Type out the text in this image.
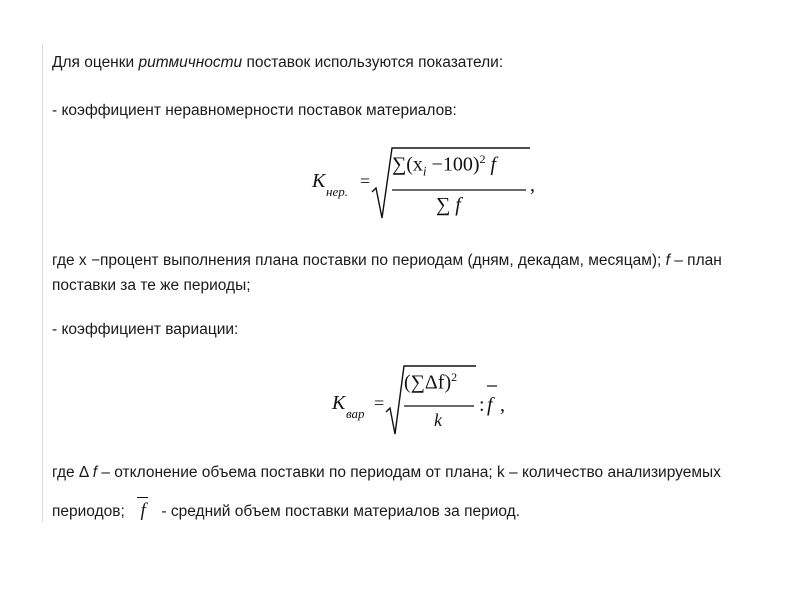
Для оценки ритмичности поставок используются показатели:
- коэффициент неравномерности поставок материалов:
K нер.
=
$\sum(x_i -100)^2$ f
∑ f
,
где x −процент выполнения плана поставки по периодам (дням, декадам, месяцам); f – план
поставки за те же периоды;
- коэффициент вариации:
K вар
=
$(\sum\Delta f)^2$
k
: f ,
где Δ f – отклонение объема поставки по периодам от плана; k – количество анализируемых
периодов; f - средний объем поставки материалов за период.
